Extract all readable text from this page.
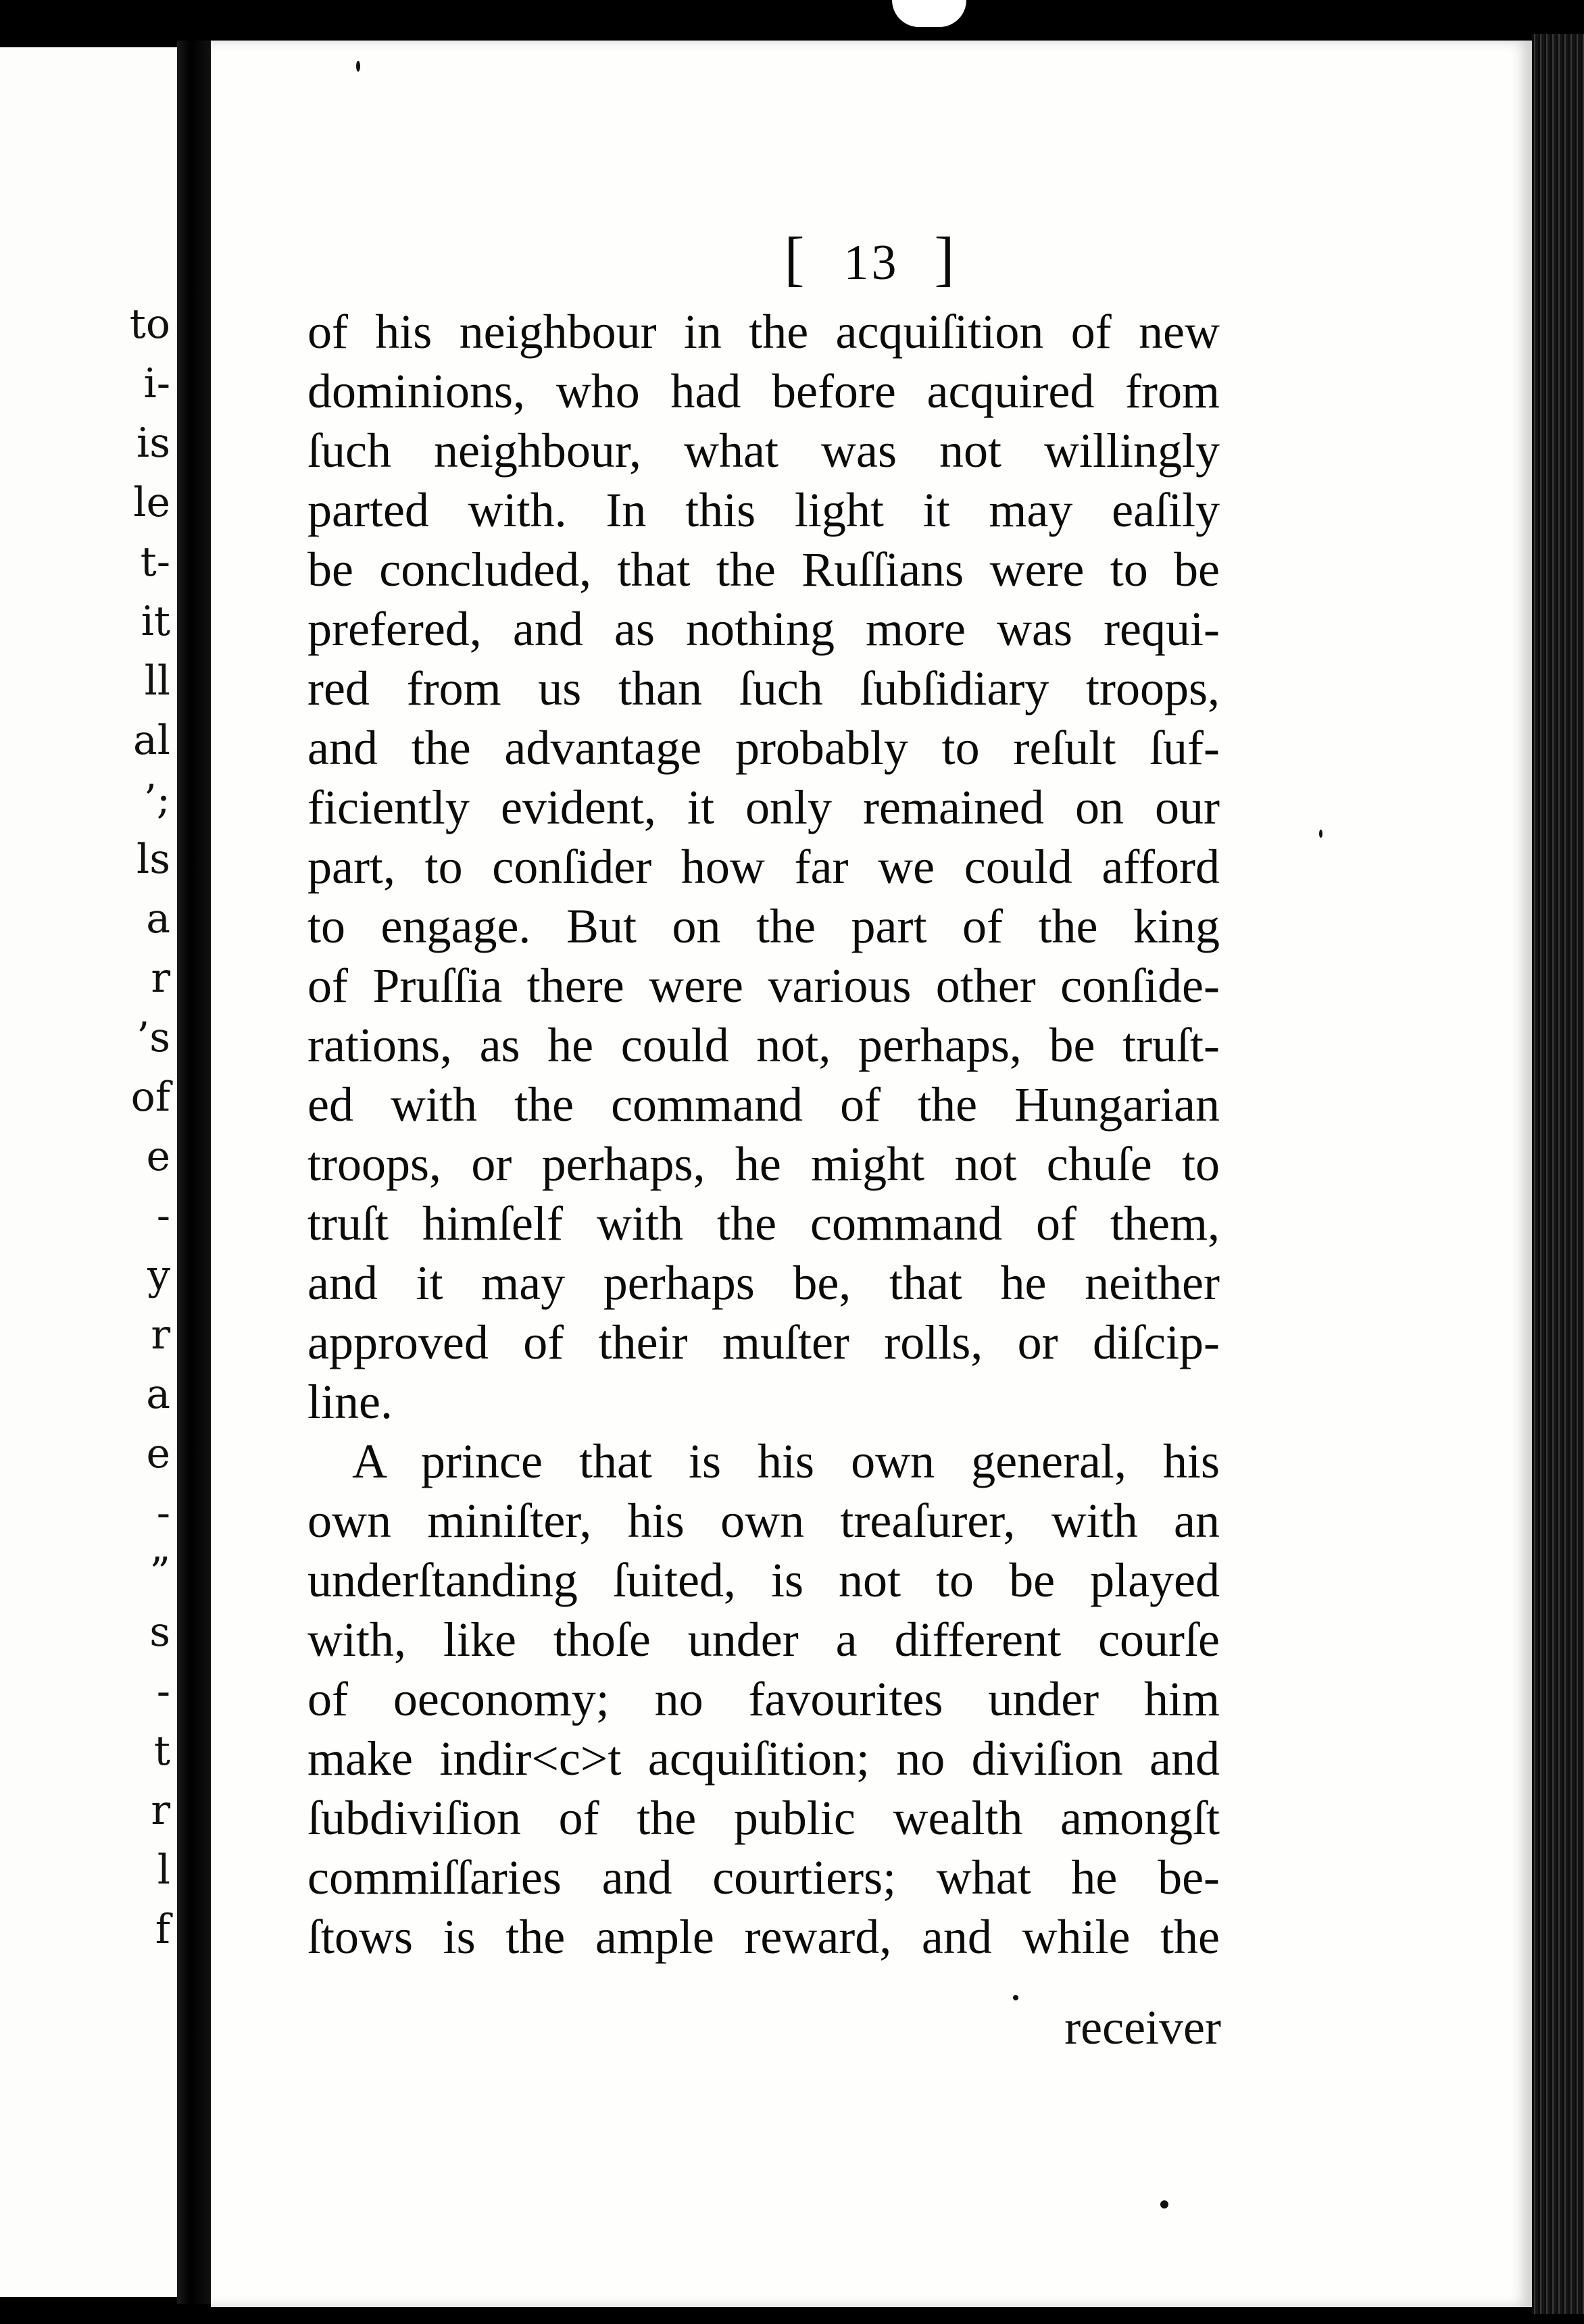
to
i-
is
le
t-
it
ll
al
’;
ls
a
r
’s
of
e
-
y
r
a
e
-
”
s
-
t
r
l
f
[ 13 ]
of his neighbour in the acquiſition of new
dominions, who had before acquired from
ſuch neighbour, what was not willingly
parted with. In this light it may eaſily
be concluded, that the Ruſſians were to be
prefered, and as nothing more was requi-
red from us than ſuch ſubſidiary troops,
and the advantage probably to reſult ſuf-
ficiently evident, it only remained on our
part, to conſider how far we could afford
to engage. But on the part of the king
of Pruſſia there were various other conſide-
rations, as he could not, perhaps, be truſt-
ed with the command of the Hungarian
troops, or perhaps, he might not chuſe to
truſt himſelf with the command of them,
and it may perhaps be, that he neither
approved of their muſter rolls, or diſcip-
line.
A prince that is his own general, his
own miniſter, his own treaſurer, with an
underſtanding ſuited, is not to be played
with, like thoſe under a different courſe
of oeconomy; no favourites under him
make indir<c>t acquiſition; no diviſion and
ſubdiviſion of the public wealth amongſt
commiſſaries and courtiers; what he be-
ſtows is the ample reward, and while the
receiver
